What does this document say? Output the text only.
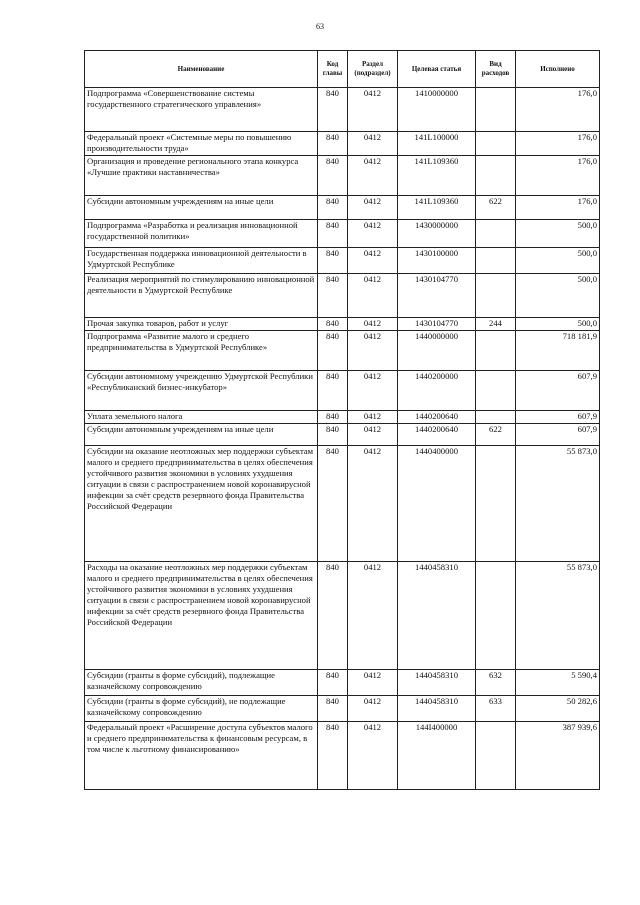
63
Наименование	Код главы	Раздел (подраздел)	Целевая статья	Вид расходов	Исполнено
Подпрограмма «Совершенствование системы государственного стратегического управления»	840	0412	1410000000		176,0
Федеральный проект «Системные меры по повышению производительности труда»	840	0412	141L100000		176,0
Организация и проведение регионального этапа конкурса «Лучшие практики наставничества»	840	0412	141L109360		176,0
Субсидии автономным учреждениям на иные цели	840	0412	141L109360	622	176,0
Подпрограмма «Разработка и реализация инновационной государственной политики»	840	0412	1430000000		500,0
Государственная поддержка инновационной деятельности в Удмуртской Республике	840	0412	1430100000		500,0
Реализация мероприятий по стимулированию инновационной деятельности в Удмуртской Республике	840	0412	1430104770		500,0
Прочая закупка товаров, работ и услуг	840	0412	1430104770	244	500,0
Подпрограмма «Развитие малого и среднего предпринимательства в Удмуртской Республике»	840	0412	1440000000		718 181,9
Субсидии автономному учреждению Удмуртской Республики «Республиканский бизнес-инкубатор»	840	0412	1440200000		607,9
Уплата земельного налога	840	0412	1440200640		607,9
Субсидии автономным учреждениям на иные цели	840	0412	1440200640	622	607,9
Субсидии на оказание неотложных мер поддержки субъектам малого и среднего предпринимательства в целях обеспечения устойчивого развития экономики в условиях ухудшения ситуации в связи с распространением новой коронавирусной инфекции за счёт средств резервного фонда Правительства Российской Федерации	840	0412	1440400000		55 873,0
Расходы на оказание неотложных мер поддержки субъектам малого и среднего предпринимательства в целях обеспечения устойчивого развития экономики в условиях ухудшения ситуации в связи с распространением новой коронавирусной инфекции за счёт средств резервного фонда Правительства Российской Федерации	840	0412	1440458310		55 873,0
Субсидии (гранты в форме субсидий), подлежащие казначейскому сопровождению	840	0412	1440458310	632	5 590,4
Субсидии (гранты в форме субсидий), не подлежащие казначейскому сопровождению	840	0412	1440458310	633	50 282,6
Федеральный проект «Расширение доступа субъектов малого и среднего предпринимательства к финансовым ресурсам, в том числе к льготному финансированию»	840	0412	144I400000		387 939,6
